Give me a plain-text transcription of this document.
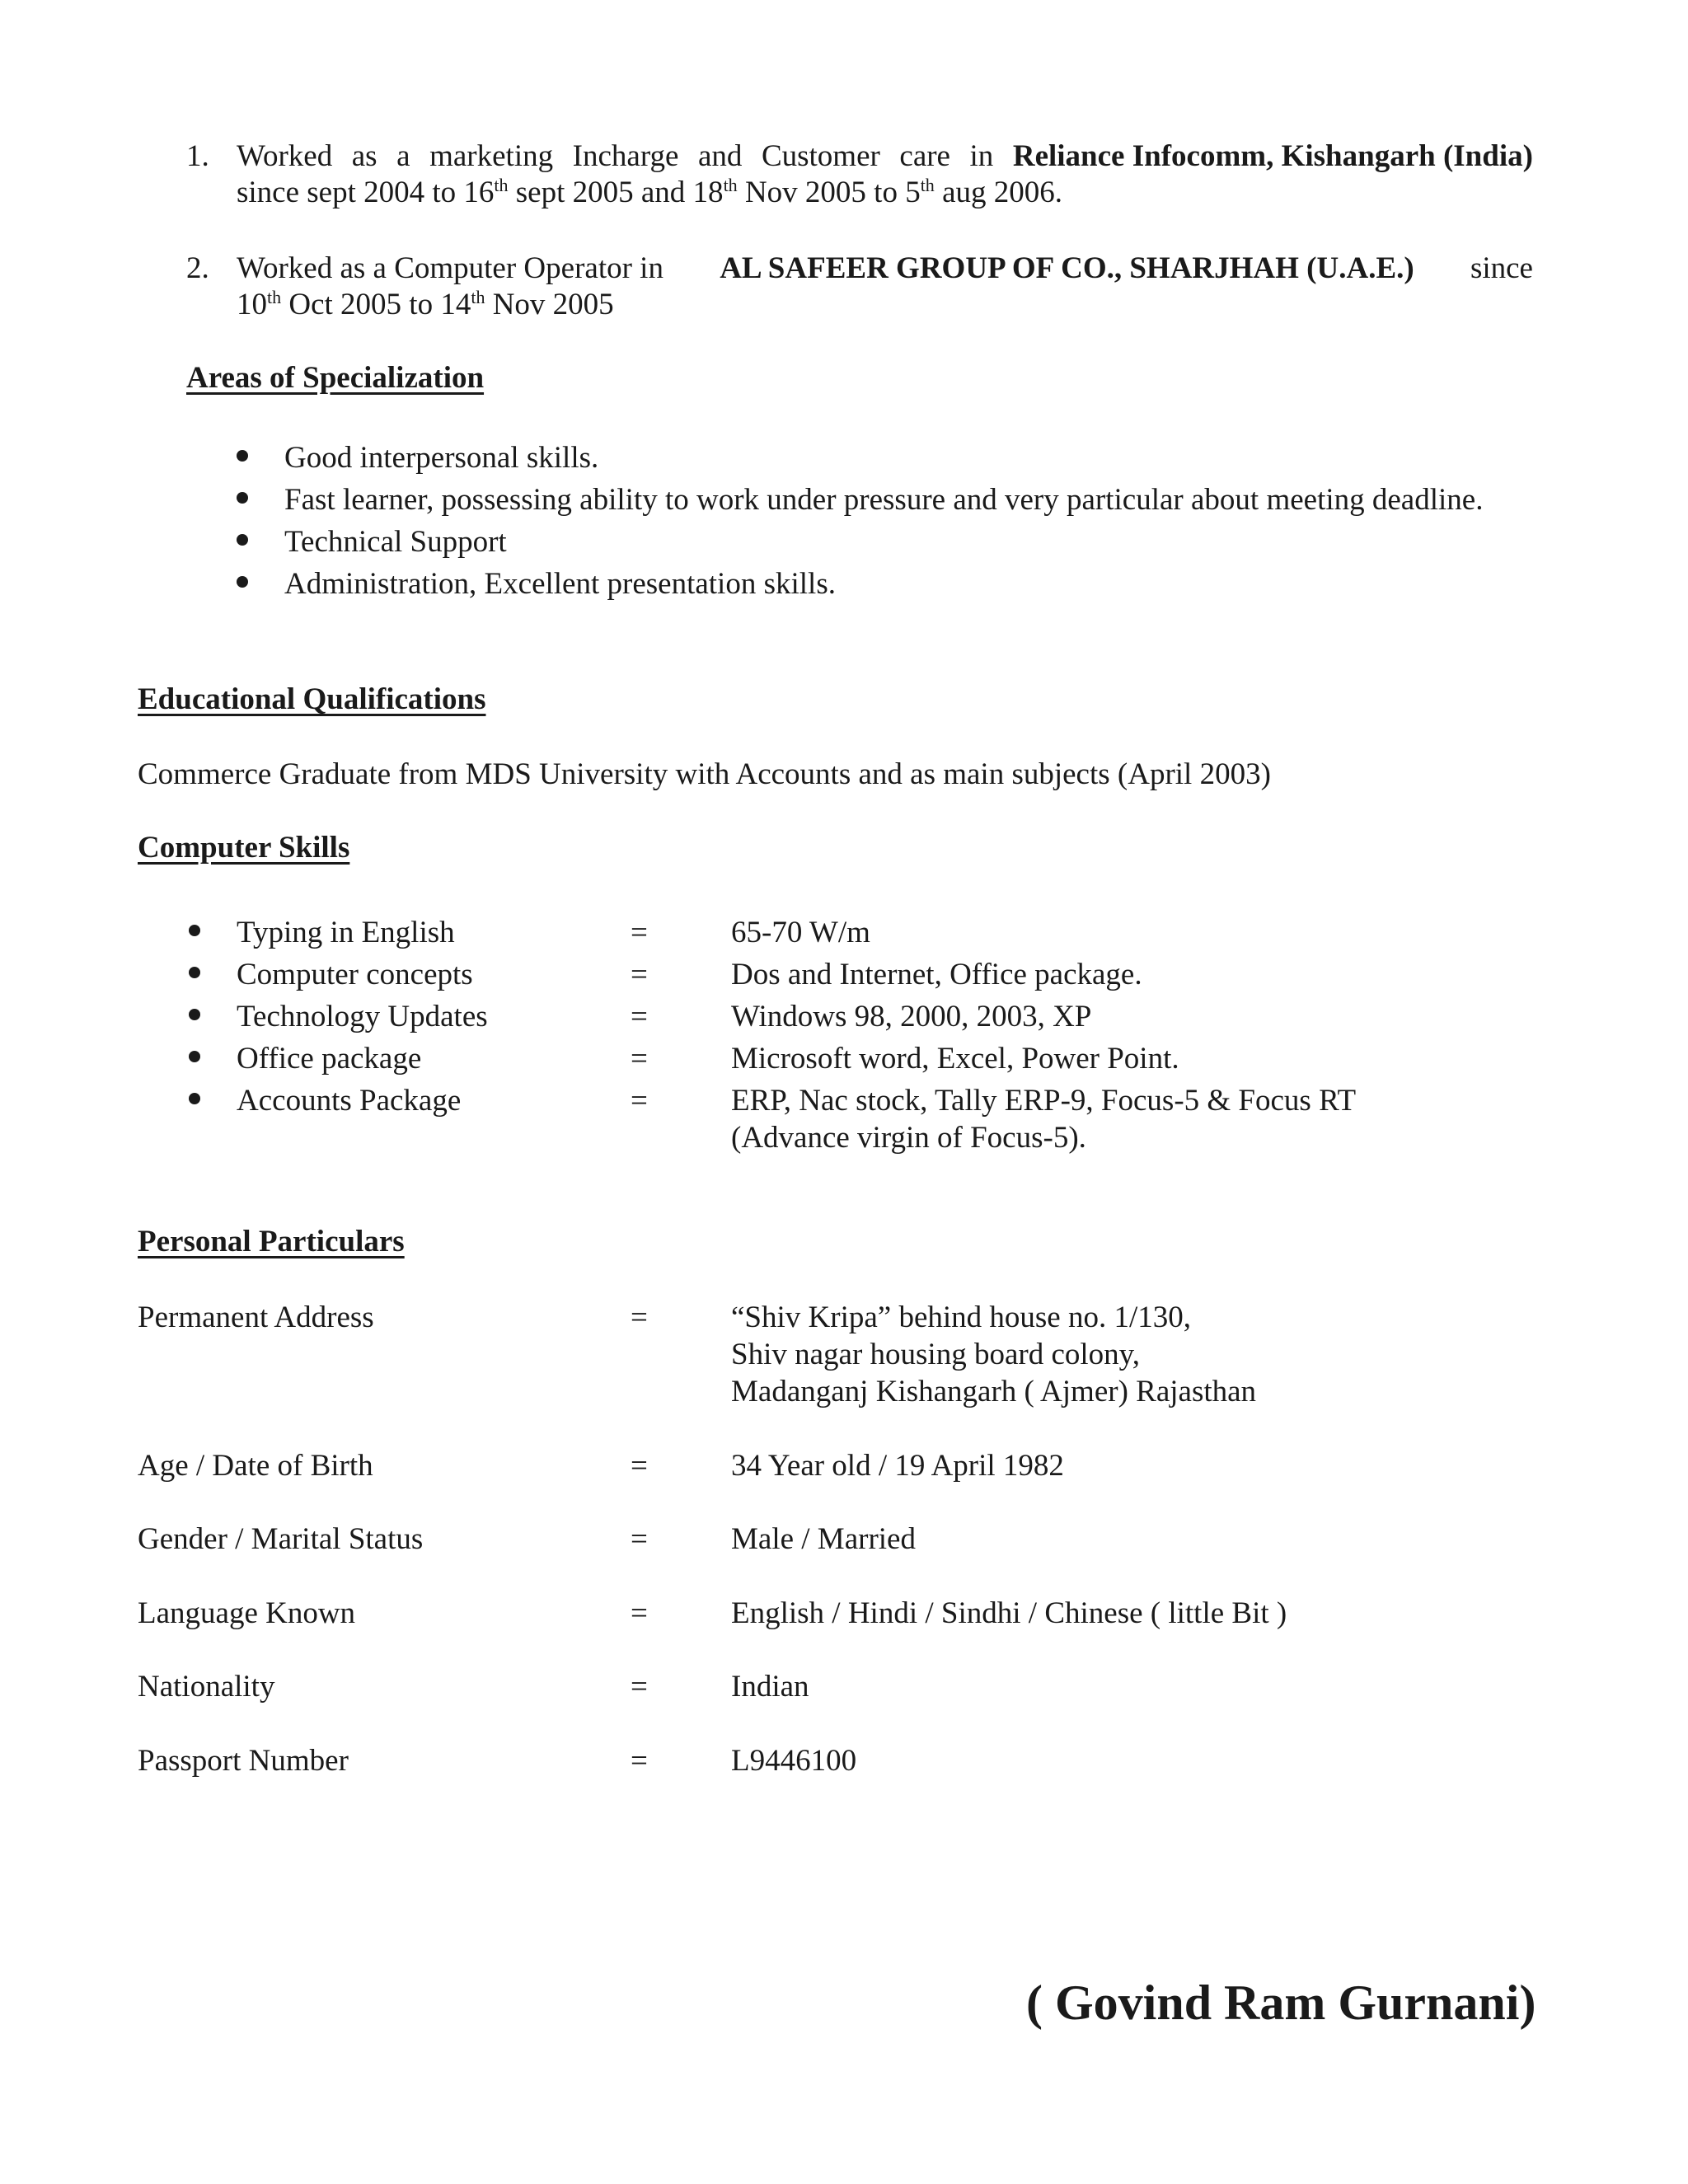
1. Worked as a marketing Incharge and Customer care in Reliance Infocomm, Kishangarh (India)
since sept 2004 to 16th sept 2005 and 18th Nov 2005 to 5th aug 2006.
2. Worked as a Computer Operator in AL SAFEER GROUP OF CO., SHARJHAH (U.A.E.) since
10th Oct 2005 to 14th Nov 2005
Areas of Specialization
Good interpersonal skills.
Fast learner, possessing ability to work under pressure and very particular about meeting deadline.
Technical Support
Administration, Excellent presentation skills.
Educational Qualifications
Commerce Graduate from MDS University with Accounts and as main subjects (April 2003)
Computer Skills
Typing in English	=	65-70 W/m
Computer concepts	=	Dos and Internet, Office package.
Technology Updates	=	Windows 98, 2000, 2003, XP
Office package	=	Microsoft word, Excel, Power Point.
Accounts Package	=	ERP, Nac stock, Tally ERP-9, Focus-5 & Focus RT
(Advance virgin of Focus-5).
Personal Particulars
Permanent Address	=	“Shiv Kripa” behind house no. 1/130,
Shiv nagar housing board colony,
Madanganj Kishangarh ( Ajmer) Rajasthan
Age / Date of Birth	=	34 Year old / 19 April 1982
Gender / Marital Status	=	Male / Married
Language Known	=	English / Hindi / Sindhi / Chinese ( little Bit )
Nationality	=	Indian
Passport Number	=	L9446100
( Govind Ram Gurnani)
